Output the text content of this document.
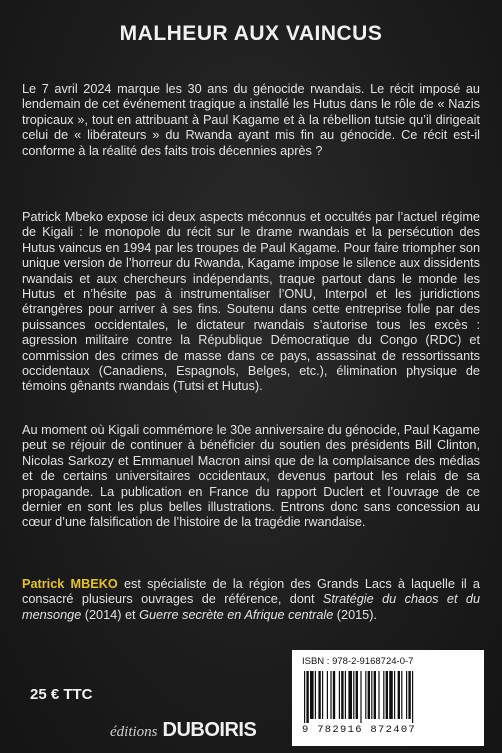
MALHEUR AUX VAINCUS

Le 7 avril 2024 marque les 30 ans du génocide rwandais. Le récit imposé au lendemain de cet événement tragique a installé les Hutus dans le rôle de « Nazis tropicaux », tout en attribuant à Paul Kagame et à la rébellion tutsie qu’il dirigeait celui de « libérateurs » du Rwanda ayant mis fin au génocide. Ce récit est-il conforme à la réalité des faits trois décennies après ?

Patrick Mbeko expose ici deux aspects méconnus et occultés par l’actuel régime de Kigali : le monopole du récit sur le drame rwandais et la persécution des Hutus vaincus en 1994 par les troupes de Paul Kagame. Pour faire triompher son unique version de l’horreur du Rwanda, Kagame impose le silence aux dissidents rwandais et aux chercheurs indépendants, traque partout dans le monde les Hutus et n’hésite pas à instrumentaliser l’ONU, Interpol et les juridictions étrangères pour arriver à ses fins. Soutenu dans cette entreprise folle par des puissances occidentales, le dictateur rwandais s’autorise tous les excès : agression militaire contre la République Démocratique du Congo (RDC) et commission des crimes de masse dans ce pays, assassinat de ressortissants occidentaux (Canadiens, Espagnols, Belges, etc.), élimination physique de témoins gênants rwandais (Tutsi et Hutus).

Au moment où Kigali commémore le 30e anniversaire du génocide, Paul Kagame peut se réjouir de continuer à bénéficier du soutien des présidents Bill Clinton, Nicolas Sarkozy et Emmanuel Macron ainsi que de la complaisance des médias et de certains universitaires occidentaux, devenus partout les relais de sa propagande. La publication en France du rapport Duclert et l’ouvrage de ce dernier en sont les plus belles illustrations. Entrons donc sans concession au cœur d’une falsification de l’histoire de la tragédie rwandaise.

Patrick MBEKO est spécialiste de la région des Grands Lacs à laquelle il a consacré plusieurs ouvrages de référence, dont Stratégie du chaos et du mensonge (2014) et Guerre secrète en Afrique centrale (2015).

25 € TTC
éditions DUBOIRIS
ISBN : 978-2-9168724-0-7
9 782916 872407
